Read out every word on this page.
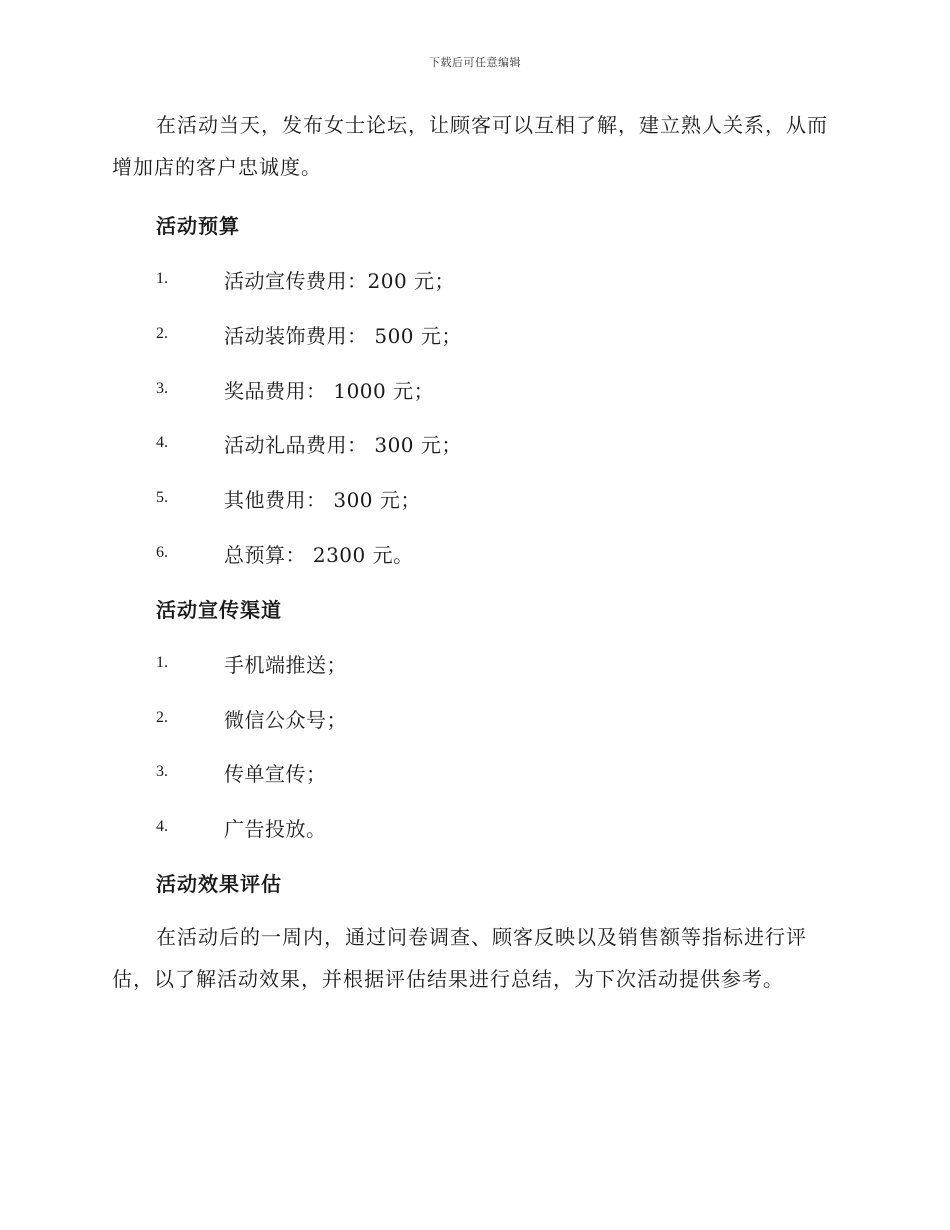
下载后可任意编辑

在活动当天，发布女士论坛，让顾客可以互相了解，建立熟人关系，从而增加店的客户忠诚度。

活动预算
1.	活动宣传费用：200 元；
2.	活动装饰费用： 500 元；
3.	奖品费用： 1000 元；
4.	活动礼品费用： 300 元；
5.	其他费用： 300 元；
6.	总预算： 2300 元。
活动宣传渠道
1.	手机端推送；
2.	微信公众号；
3.	传单宣传；
4.	广告投放。
活动效果评估

在活动后的一周内，通过问卷调查、顾客反映以及销售额等指标进行评估，以了解活动效果，并根据评估结果进行总结，为下次活动提供参考。
